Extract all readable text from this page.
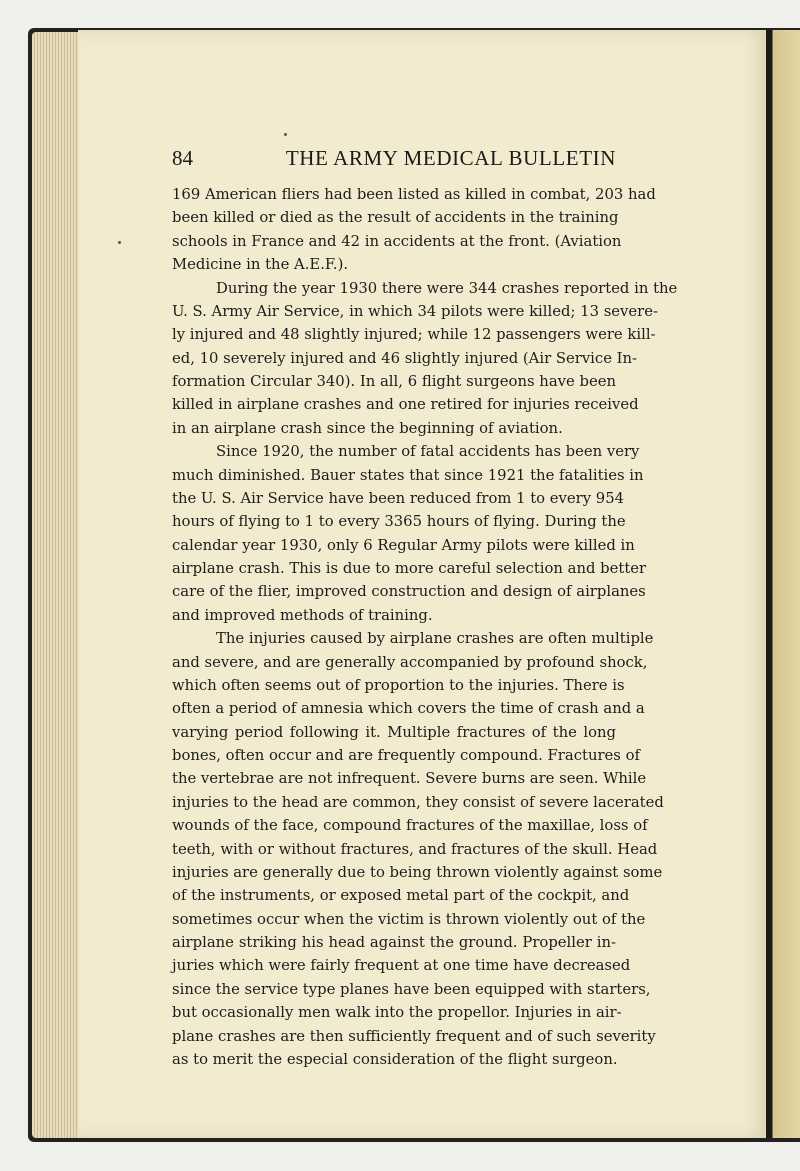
84	THE ARMY MEDICAL BULLETIN
169 American fliers had been listed as killed in combat, 203 had
been killed or died as the result of accidents in the training
schools in France and 42 in accidents at the front. (Aviation
Medicine in the A.E.F.).
During the year 1930 there were 344 crashes reported in the
U. S. Army Air Service, in which 34 pilots were killed; 13 severe-
ly injured and 48 slightly injured; while 12 passengers were kill-
ed, 10 severely injured and 46 slightly injured (Air Service In-
formation Circular 340). In all, 6 flight surgeons have been
killed in airplane crashes and one retired for injuries received
in an airplane crash since the beginning of aviation.
Since 1920, the number of fatal accidents has been very
much diminished. Bauer states that since 1921 the fatalities in
the U. S. Air Service have been reduced from 1 to every 954
hours of flying to 1 to every 3365 hours of flying. During the
calendar year 1930, only 6 Regular Army pilots were killed in
airplane crash. This is due to more careful selection and better
care of the flier, improved construction and design of airplanes
and improved methods of training.
The injuries caused by airplane crashes are often multiple
and severe, and are generally accompanied by profound shock,
which often seems out of proportion to the injuries. There is
often a period of amnesia which covers the time of crash and a
varying period following it. Multiple fractures of the long
bones, often occur and are frequently compound. Fractures of
the vertebrae are not infrequent. Severe burns are seen. While
injuries to the head are common, they consist of severe lacerated
wounds of the face, compound fractures of the maxillae, loss of
teeth, with or without fractures, and fractures of the skull. Head
injuries are generally due to being thrown violently against some
of the instruments, or exposed metal part of the cockpit, and
sometimes occur when the victim is thrown violently out of the
airplane striking his head against the ground. Propeller in-
juries which were fairly frequent at one time have decreased
since the service type planes have been equipped with starters,
but occasionally men walk into the propellor. Injuries in air-
plane crashes are then sufficiently frequent and of such severity
as to merit the especial consideration of the flight surgeon.
